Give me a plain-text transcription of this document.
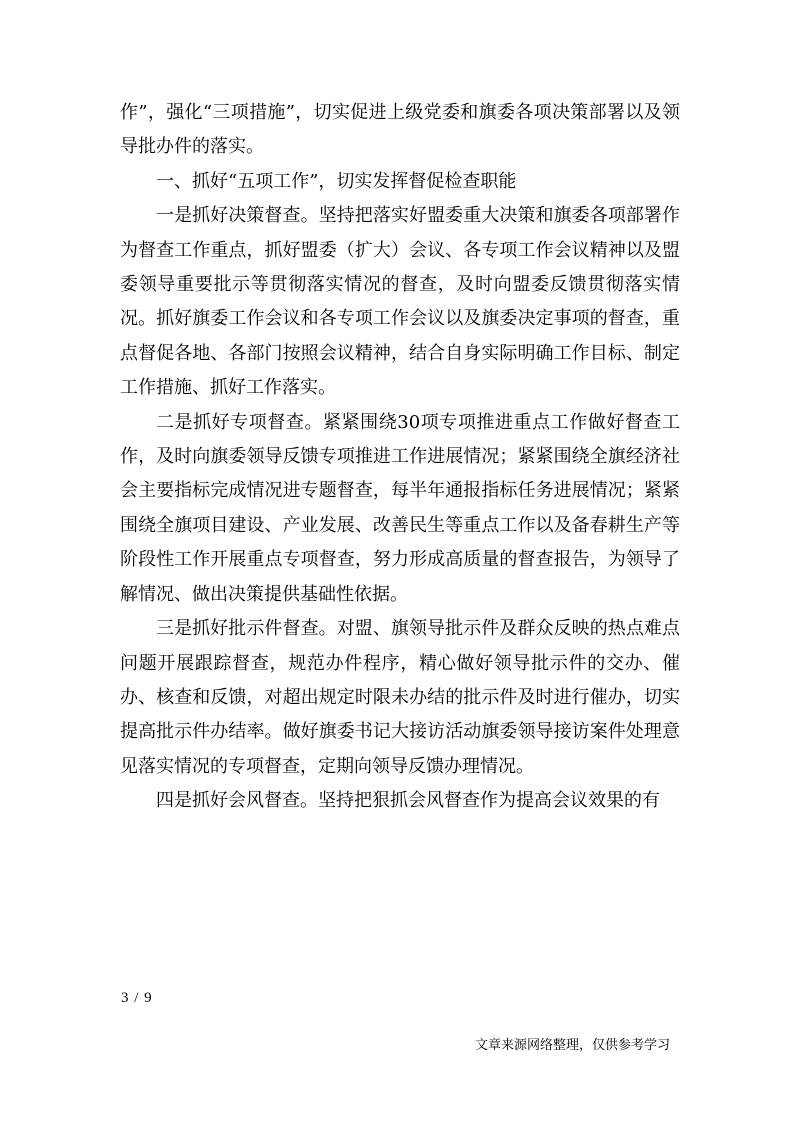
作”，强化“三项措施”，切实促进上级党委和旗委各项决策部署以及领导批办件的落实。

一、抓好“五项工作”，切实发挥督促检查职能

一是抓好决策督查。坚持把落实好盟委重大决策和旗委各项部署作为督查工作重点，抓好盟委（扩大）会议、各专项工作会议精神以及盟委领导重要批示等贯彻落实情况的督查，及时向盟委反馈贯彻落实情况。抓好旗委工作会议和各专项工作会议以及旗委决定事项的督查，重点督促各地、各部门按照会议精神，结合自身实际明确工作目标、制定工作措施、抓好工作落实。

二是抓好专项督查。紧紧围绕30项专项推进重点工作做好督查工作，及时向旗委领导反馈专项推进工作进展情况；紧紧围绕全旗经济社会主要指标完成情况进专题督查，每半年通报指标任务进展情况；紧紧围绕全旗项目建设、产业发展、改善民生等重点工作以及备春耕生产等阶段性工作开展重点专项督查，努力形成高质量的督查报告，为领导了解情况、做出决策提供基础性依据。

三是抓好批示件督查。对盟、旗领导批示件及群众反映的热点难点问题开展跟踪督查，规范办件程序，精心做好领导批示件的交办、催办、核查和反馈，对超出规定时限未办结的批示件及时进行催办，切实提高批示件办结率。做好旗委书记大接访活动旗委领导接访案件处理意见落实情况的专项督查，定期向领导反馈办理情况。

四是抓好会风督查。坚持把狠抓会风督查作为提高会议效果的有

3 / 9
文章来源网络整理，仅供参考学习
